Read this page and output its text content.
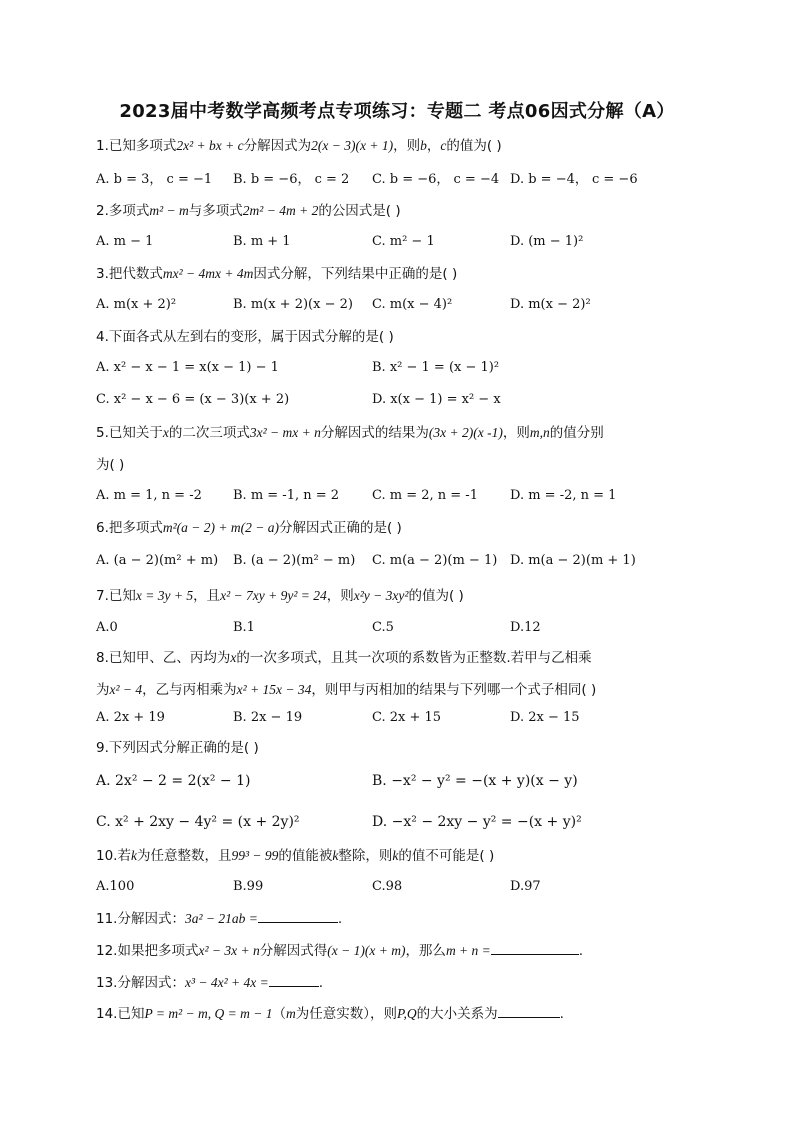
2023届中考数学高频考点专项练习：专题二 考点06因式分解（A）
1.已知多项式2x² + bx + c分解因式为2(x − 3)(x + 1)，则b，c的值为( )
A. b = 3， c = −1 B. b = −6， c = 2 C. b = −6， c = −4 D. b = −4， c = −6
2.多项式m² − m与多项式2m² − 4m + 2的公因式是( )
A. m − 1	B. m + 1	C. m² − 1	D. (m − 1)²
3.把代数式mx² − 4mx + 4m因式分解，下列结果中正确的是( )
A. m(x + 2)²	B. m(x + 2)(x − 2) C. m(x − 4)²	D. m(x − 2)²
4.下面各式从左到右的变形，属于因式分解的是( )
A. x² − x − 1 = x(x − 1) − 1	B. x² − 1 = (x − 1)²
C. x² − x − 6 = (x − 3)(x + 2)	D. x(x − 1) = x² − x
5.已知关于x的二次三项式3x² − mx + n分解因式的结果为(3x + 2)(x -1)，则m,n的值分别
为( )
A. m = 1, n = -2 B. m = -1, n = 2	C. m = 2, n = -1 D. m = -2, n = 1
6.把多项式m²(a − 2) + m(2 − a)分解因式正确的是( )
A. (a − 2)(m² + m) B. (a − 2)(m² − m) C. m(a − 2)(m − 1) D. m(a − 2)(m + 1)
7.已知x = 3y + 5，且x² − 7xy + 9y² = 24，则x²y − 3xy²的值为( )
A.0	B.1	C.5	D.12
8.已知甲、乙、丙均为x的一次多项式，且其一次项的系数皆为正整数.若甲与乙相乘
为x² − 4，乙与丙相乘为x² + 15x − 34，则甲与丙相加的结果与下列哪一个式子相同( )
A. 2x + 19	B. 2x − 19	C. 2x + 15	D. 2x − 15
9.下列因式分解正确的是( )
A. 2x² − 2 = 2(x² − 1)	B. −x² − y² = −(x + y)(x − y)
C. x² + 2xy − 4y² = (x + 2y)²	D. −x² − 2xy − y² = −(x + y)²
10.若k为任意整数，且99³ − 99的值能被k整除，则k的值不可能是( )
A.100	B.99	C.98	D.97
11.分解因式：3a² − 21ab =	.
12.如果把多项式x² − 3x + n分解因式得(x − 1)(x + m)，那么m + n =	.
13.分解因式：x³ − 4x² + 4x =	.
14.已知P = m² − m, Q = m − 1（m为任意实数），则P,Q的大小关系为	.
